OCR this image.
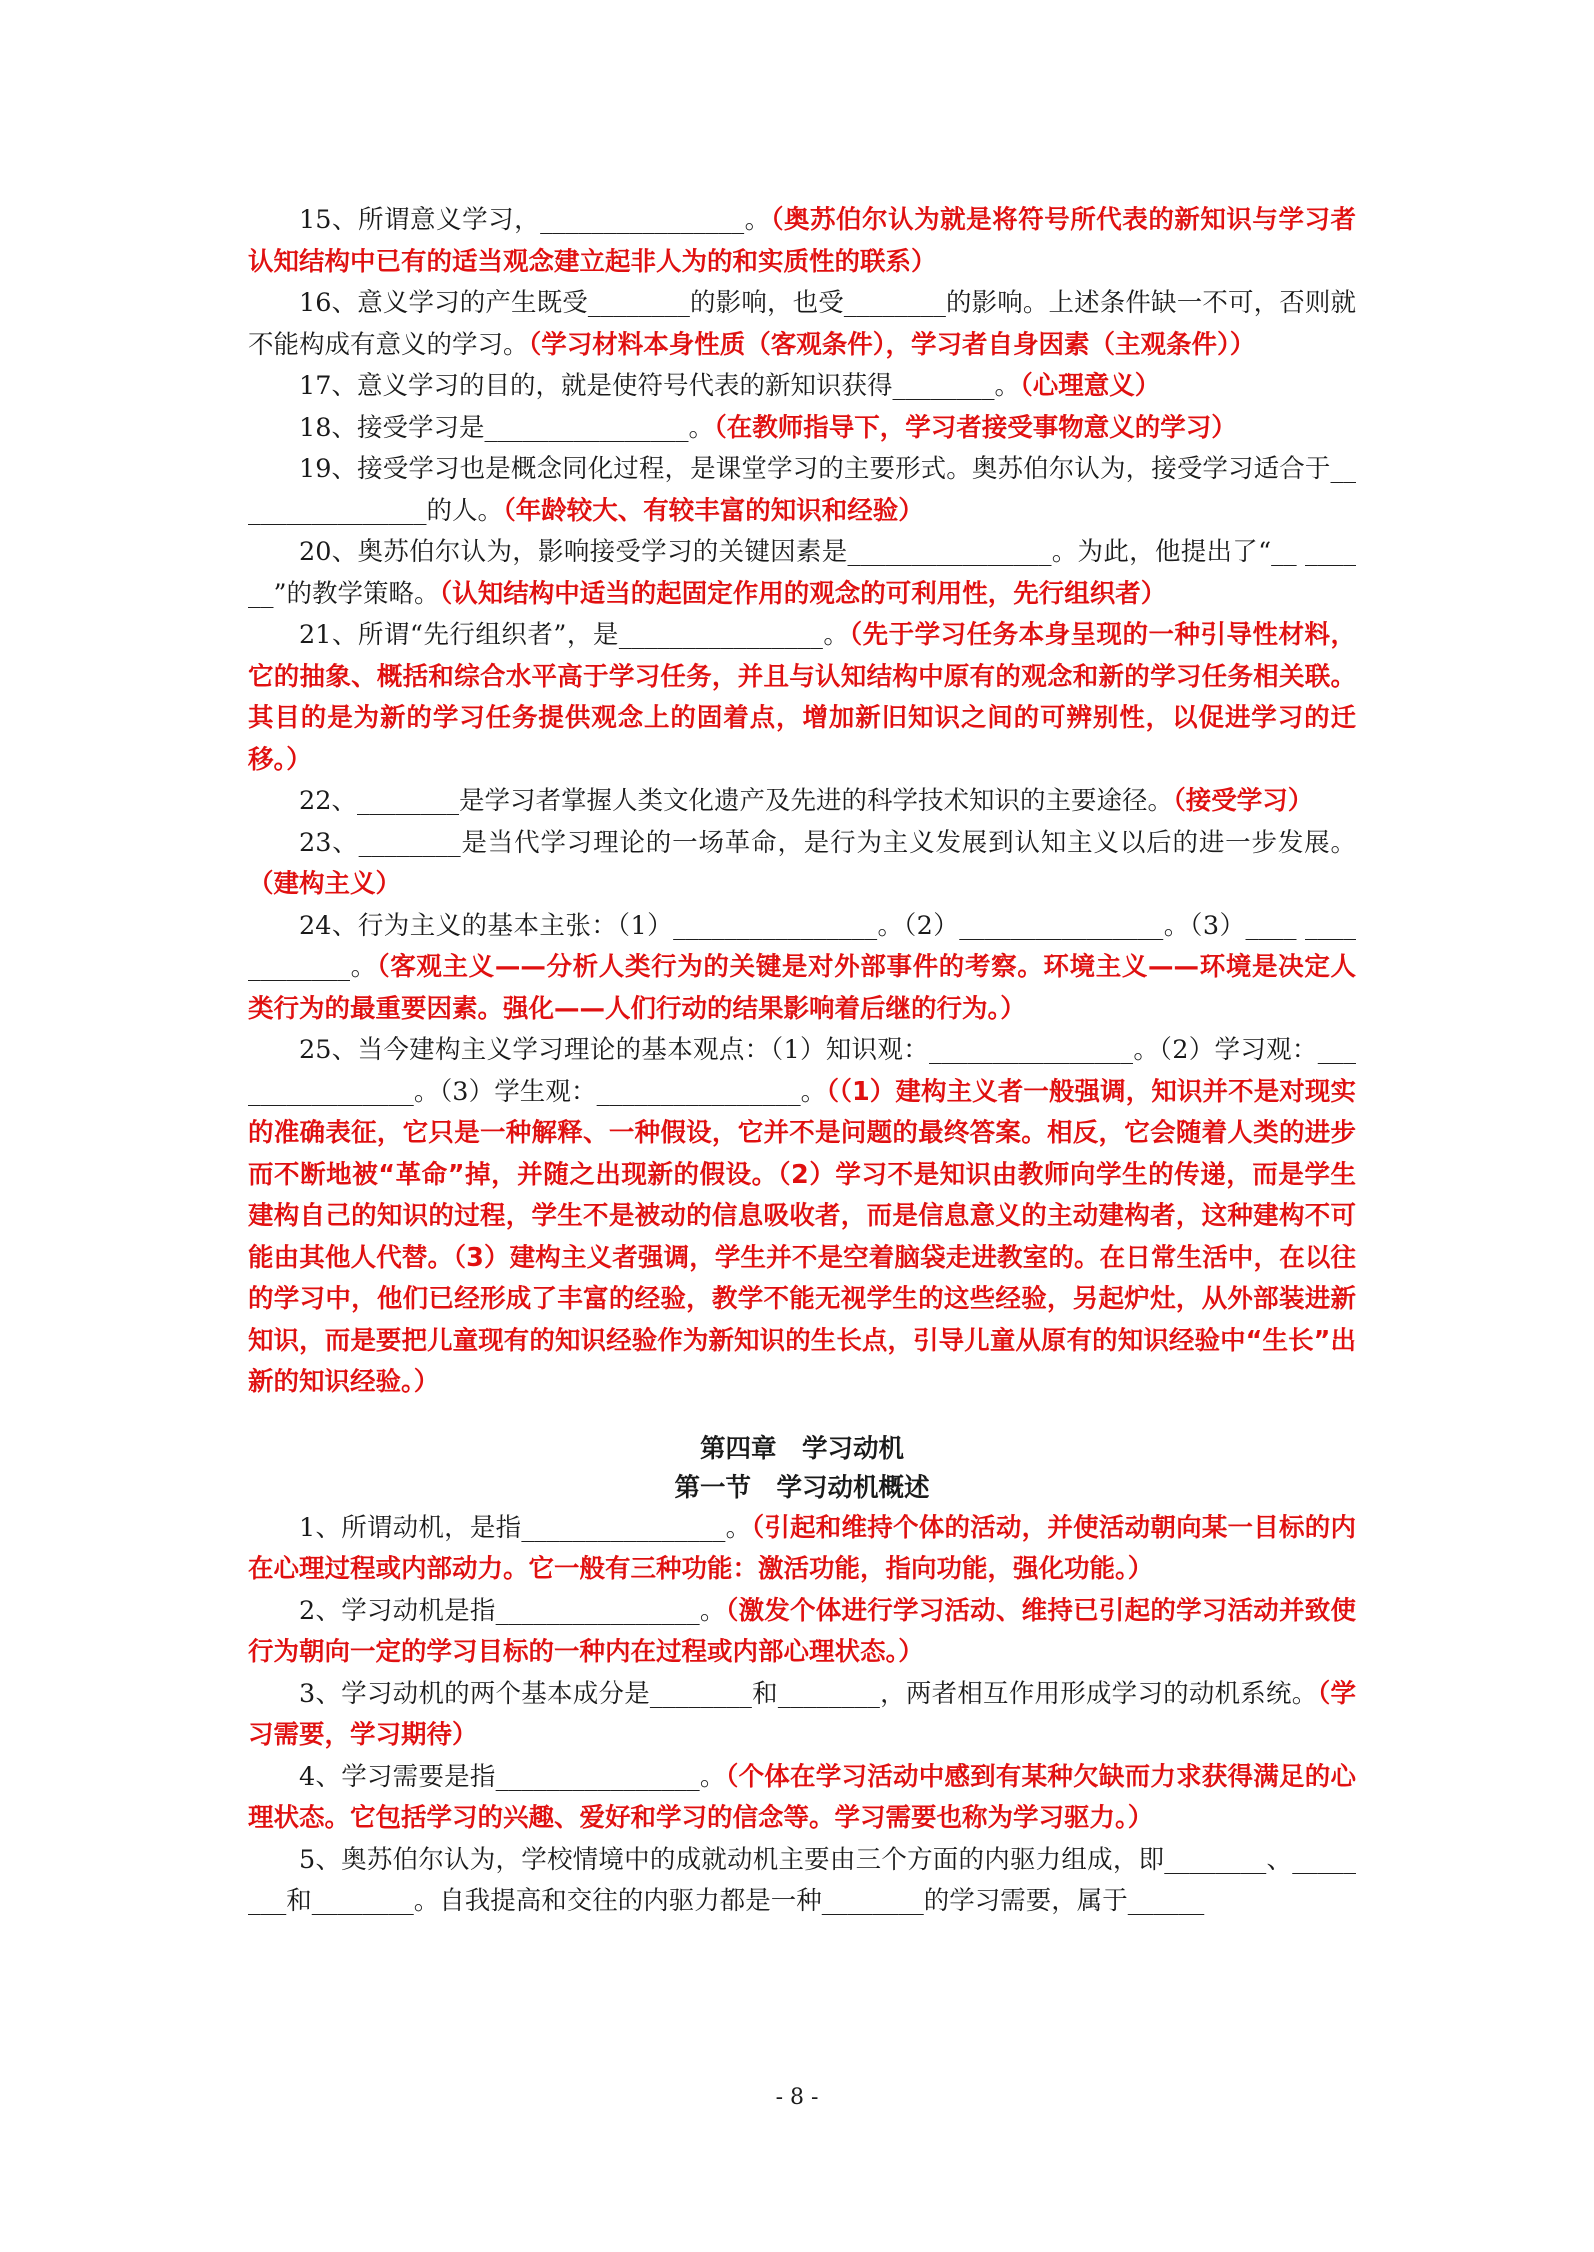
15、所谓意义学习，________________。（奥苏伯尔认为就是将符号所代表的新知识与学习者认知结构中已有的适当观念建立起非人为的和实质性的联系）

16、意义学习的产生既受________的影响，也受________的影响。上述条件缺一不可，否则就不能构成有意义的学习。（学习材料本身性质（客观条件），学习者自身因素（主观条件））

17、意义学习的目的，就是使符号代表的新知识获得________。（心理意义）

18、接受学习是________________。（在教师指导下，学习者接受事物意义的学习）

19、接受学习也是概念同化过程，是课堂学习的主要形式。奥苏伯尔认为，接受学习适合于________________的人。（年龄较大、有较丰富的知识和经验）

20、奥苏伯尔认为，影响接受学习的关键因素是________________。为此，他提出了“__ ______”的教学策略。（认知结构中适当的起固定作用的观念的可利用性，先行组织者）

21、所谓“先行组织者”，是________________。（先于学习任务本身呈现的一种引导性材料，它的抽象、概括和综合水平高于学习任务，并且与认知结构中原有的观念和新的学习任务相关联。其目的是为新的学习任务提供观念上的固着点，增加新旧知识之间的可辨别性，以促进学习的迁移。）

22、________是学习者掌握人类文化遗产及先进的科学技术知识的主要途径。（接受学习）

23、________是当代学习理论的一场革命，是行为主义发展到认知主义以后的进一步发展。（建构主义）

24、行为主义的基本主张：（1）________________。（2）________________。（3）____ ____________。（客观主义——分析人类行为的关键是对外部事件的考察。环境主义——环境是决定人类行为的最重要因素。强化——人们行动的结果影响着后继的行为。）

25、当今建构主义学习理论的基本观点：（1）知识观：________________。（2）学习观：________________。（3）学生观：________________。（（1）建构主义者一般强调，知识并不是对现实的准确表征，它只是一种解释、一种假设，它并不是问题的最终答案。相反，它会随着人类的进步而不断地被“革命”掉，并随之出现新的假设。（2）学习不是知识由教师向学生的传递，而是学生建构自己的知识的过程，学生不是被动的信息吸收者，而是信息意义的主动建构者，这种建构不可能由其他人代替。（3）建构主义者强调，学生并不是空着脑袋走进教室的。在日常生活中，在以往的学习中，他们已经形成了丰富的经验，教学不能无视学生的这些经验，另起炉灶，从外部装进新知识，而是要把儿童现有的知识经验作为新知识的生长点，引导儿童从原有的知识经验中“生长”出新的知识经验。）

第四章　学习动机
第一节　学习动机概述

1、所谓动机，是指________________。（引起和维持个体的活动，并使活动朝向某一目标的内在心理过程或内部动力。它一般有三种功能：激活功能，指向功能，强化功能。）

2、学习动机是指________________。（激发个体进行学习活动、维持已引起的学习活动并致使行为朝向一定的学习目标的一种内在过程或内部心理状态。）

3、学习动机的两个基本成分是________和________，两者相互作用形成学习的动机系统。（学习需要，学习期待）

4、学习需要是指________________。（个体在学习活动中感到有某种欠缺而力求获得满足的心理状态。它包括学习的兴趣、爱好和学习的信念等。学习需要也称为学习驱力。）

5、奥苏伯尔认为，学校情境中的成就动机主要由三个方面的内驱力组成，即________、________和________。自我提高和交往的内驱力都是一种________的学习需要，属于______

- 8 -
